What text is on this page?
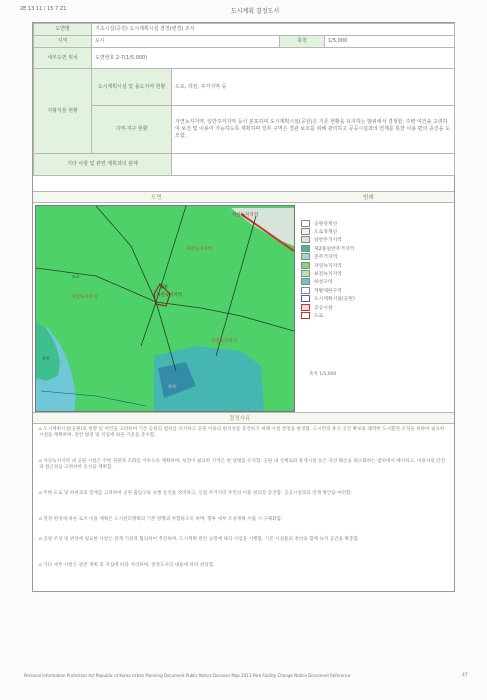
2E 13 11 / 15 7 Z1	도시계획 결정도서
도면명	기초시설(공원) 도시계획시설 결정(변경) 조서			
지역	도시		축척	1/5,000
세부도면 위치	도면번호 2-7(1/5,000)			
지형지물 현황	도시계획시설 및 용도지역 현황	도로, 하천, 주거지역 등		
	지역·지구 현황	자연녹지지역, 일반주거지역 등이 분포하며 도시계획시설(공원)은 기존 현황을 유지하는 범위에서 결정함. 주변 여건을 고려하여 보전 및 이용이 가능하도록 계획하며 일부 구역은 경관 보호를 위해 관리하고 공공시설과의 연계를 통한 이용 편의 증진을 도모함.		
기타 사항 및 관련 계획과의 관계				
도면	범례
자연녹지지역
자연녹지지역	자연녹지지역
자연녹지지역
자연녹지지역
공원
하천
도로
주거
공원경계선
도로경계선
일반주거지역
제2종일반주거지역
준주거지역
자연녹지지역
보전녹지지역
하천구역
개발제한구역
도시계획시설(공원)
공공시설
도로
축척 1/5,000
결정사유
o 도시계획시설(공원)의 현황 및 여건을 고려하여 기존 공원의 범위를 유지하고 공원 이용의 편리성을 증진하기 위해 시설 결정을 변경함. 도시민의 휴식 공간 확보와 쾌적한 도시환경 조성을 위하여 필요한 시설을 계획하며, 관련 법령 및 지침에 따른 기준을 준수함.
o 자연녹지지역 내 공원 시설은 주변 경관과 조화를 이루도록 계획하며, 보전이 필요한 지역은 현 상태를 유지함. 공원 내 산책로와 휴게시설 등은 자연 훼손을 최소화하는 범위에서 배치하고, 이용자의 안전과 접근성을 고려하여 동선을 계획함.
o 주변 도로 및 하천과의 연계를 고려하여 공원 출입구와 보행 동선을 정비하고, 인접 주거지역 주민의 이용 편의를 증진함. 공공시설과의 연계 방안을 마련함.
o 결정 변경에 따른 토지 이용 계획은 도시관리계획의 기본 방향과 부합하도록 하며, 향후 세부 조성계획 수립 시 구체화함.
o 공원 조성 및 관리에 필요한 사항은 관계 기관과 협의하여 추진하며, 도시계획 관련 규정에 따라 사업을 시행함. 기존 시설물의 정비와 함께 녹지 공간을 확충함.
o 기타 세부 사항은 관련 계획 및 지침에 따라 처리하며, 결정도서의 내용에 따라 관리함.
Personal Information Protection Act Republic of Korea Urban Planning Document Public Notice Decision Map 2013 Park Facility Change Notice Document Reference	47
